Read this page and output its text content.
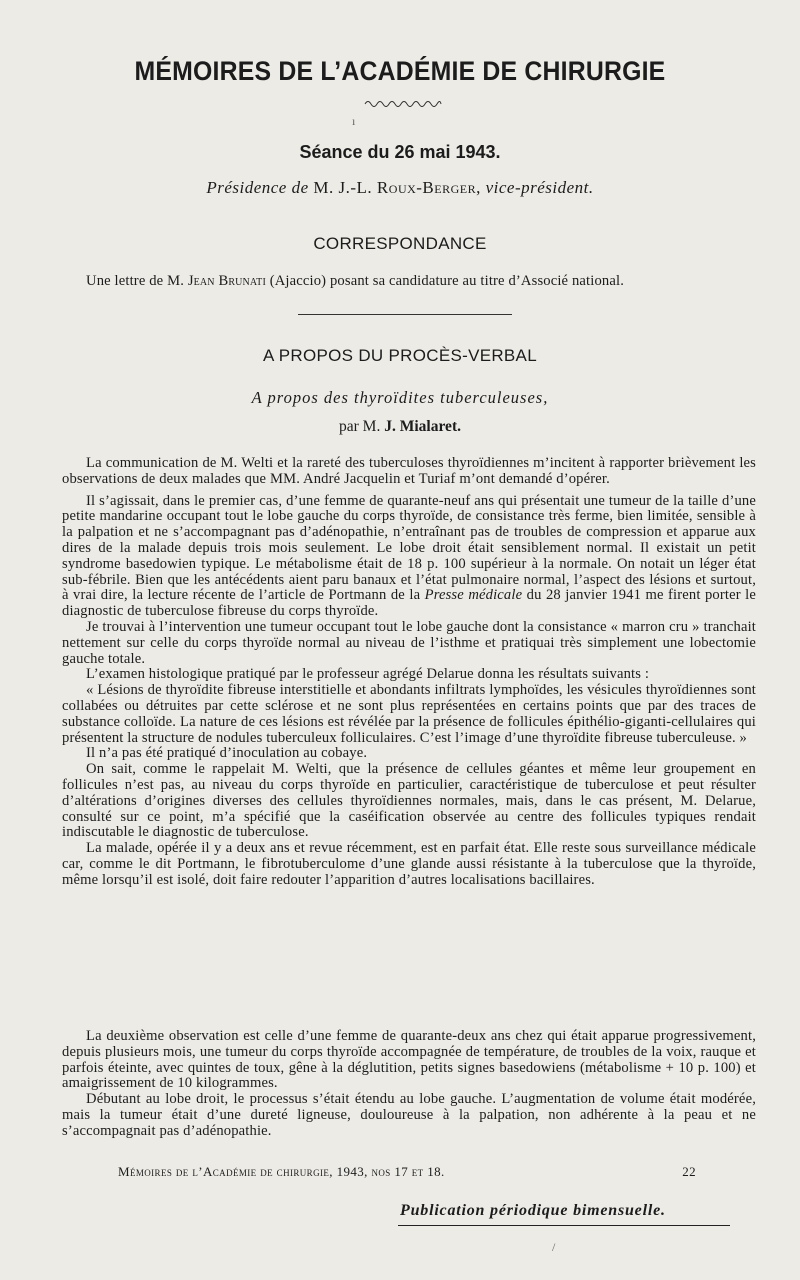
MÉMOIRES DE L’ACADÉMIE DE CHIRURGIE
Séance du 26 mai 1943.

Présidence de M. J.-L. Roux-Berger, vice-président.

CORRESPONDANCE

Une lettre de M. Jean Brunati (Ajaccio) posant sa candidature au titre d’Associé national.

A PROPOS DU PROCÈS-VERBAL

A propos des thyroïdites tuberculeuses,

par M. J. Mialaret.

La communication de M. Welti et la rareté des tuberculoses thyroïdiennes m’incitent à rapporter brièvement les observations de deux malades que MM. André Jacquelin et Turiaf m’ont demandé d’opérer.

Il s’agissait, dans le premier cas, d’une femme de quarante-neuf ans qui présentait une tumeur de la taille d’une petite mandarine occupant tout le lobe gauche du corps thyroïde, de consistance très ferme, bien limitée, sensible à la palpation et ne s’accompagnant pas d’adénopathie, n’entraînant pas de troubles de compression et apparue aux dires de la malade depuis trois mois seulement. Le lobe droit était sensiblement normal. Il existait un petit syndrome basedowien typique. Le métabolisme était de 18 p. 100 supérieur à la normale. On notait un léger état sub-fébrile. Bien que les antécédents aient paru banaux et l’état pulmonaire normal, l’aspect des lésions et surtout, à vrai dire, la lecture récente de l’article de Portmann de la Presse médicale du 28 janvier 1941 me firent porter le diagnostic de tuberculose fibreuse du corps thyroïde.

Je trouvai à l’intervention une tumeur occupant tout le lobe gauche dont la consistance « marron cru » tranchait nettement sur celle du corps thyroïde normal au niveau de l’isthme et pratiquai très simplement une lobectomie gauche totale.

L’examen histologique pratiqué par le professeur agrégé Delarue donna les résultats suivants :

« Lésions de thyroïdite fibreuse interstitielle et abondants infiltrats lymphoïdes, les vésicules thyroïdiennes sont collabées ou détruites par cette sclérose et ne sont plus représentées en certains points que par des traces de substance colloïde. La nature de ces lésions est révélée par la présence de follicules épithélio-giganti-cellulaires qui présentent la structure de nodules tuberculeux folliculaires. C’est l’image d’une thyroïdite fibreuse tuberculeuse. »

Il n’a pas été pratiqué d’inoculation au cobaye.

On sait, comme le rappelait M. Welti, que la présence de cellules géantes et même leur groupement en follicules n’est pas, au niveau du corps thyroïde en particulier, caractéristique de tuberculose et peut résulter d’altérations d’origines diverses des cellules thyroïdiennes normales, mais, dans le cas présent, M. Delarue, consulté sur ce point, m’a spécifié que la caséification observée au centre des follicules typiques rendait indiscutable le diagnostic de tuberculose.

La malade, opérée il y a deux ans et revue récemment, est en parfait état. Elle reste sous surveillance médicale car, comme le dit Portmann, le fibrotuberculome d’une glande aussi résistante à la tuberculose que la thyroïde, même lorsqu’il est isolé, doit faire redouter l’apparition d’autres localisations bacillaires.

La deuxième observation est celle d’une femme de quarante-deux ans chez qui était apparue progressivement, depuis plusieurs mois, une tumeur du corps thyroïde accompagnée de température, de troubles de la voix, rauque et parfois éteinte, avec quintes de toux, gêne à la déglutition, petits signes basedowiens (métabolisme + 10 p. 100) et amaigrissement de 10 kilogrammes.

Débutant au lobe droit, le processus s’était étendu au lobe gauche. L’augmentation de volume était modérée, mais la tumeur était d’une dureté ligneuse, douloureuse à la palpation, non adhérente à la peau et ne s’accompagnait pas d’adénopathie.

Mémoires de l’Académie de chirurgie, 1943, nos 17 et 18.	22

Publication périodique bimensuelle.

ı
/
